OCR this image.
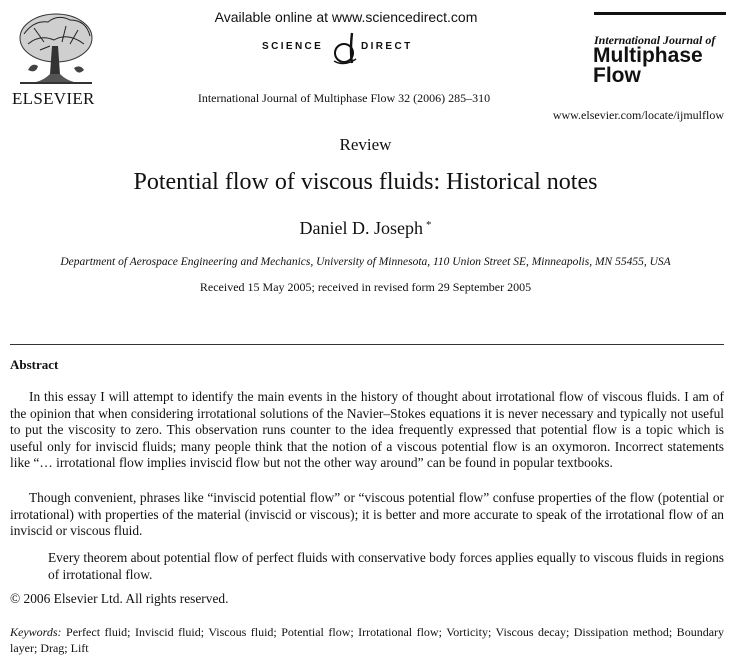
ELSEVIER
Available online at www.sciencedirect.com
SCIENCE	DIRECT
International Journal of Multiphase Flow 32 (2006) 285–310
International Journal of
Multiphase
Flow
www.elsevier.com/locate/ijmulflow
Review
Potential flow of viscous fluids: Historical notes
Daniel D. Joseph *
Department of Aerospace Engineering and Mechanics, University of Minnesota, 110 Union Street SE, Minneapolis, MN 55455, USA
Received 15 May 2005; received in revised form 29 September 2005
Abstract
In this essay I will attempt to identify the main events in the history of thought about irrotational flow of viscous fluids. I am of the opinion that when considering irrotational solutions of the Navier–Stokes equations it is never necessary and typically not useful to put the viscosity to zero. This observation runs counter to the idea frequently expressed that potential flow is a topic which is useful only for inviscid fluids; many people think that the notion of a viscous potential flow is an oxymoron. Incorrect statements like “… irrotational flow implies inviscid flow but not the other way around” can be found in popular textbooks.
Though convenient, phrases like “inviscid potential flow” or “viscous potential flow” confuse properties of the flow (potential or irrotational) with properties of the material (inviscid or viscous); it is better and more accurate to speak of the irrotational flow of an inviscid or viscous fluid.
Every theorem about potential flow of perfect fluids with conservative body forces applies equally to viscous fluids in regions of irrotational flow.
© 2006 Elsevier Ltd. All rights reserved.
Keywords: Perfect fluid; Inviscid fluid; Viscous fluid; Potential flow; Irrotational flow; Vorticity; Viscous decay; Dissipation method; Boundary layer; Drag; Lift
